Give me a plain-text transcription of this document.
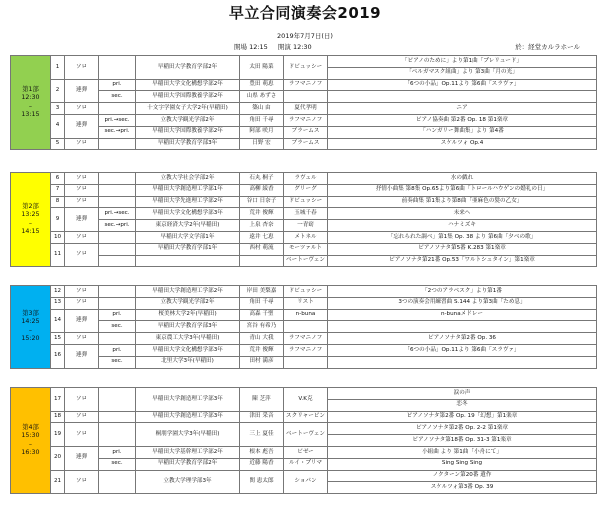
早立合同演奏会2019
2019年7月7日(日)
開場 12:15 開演 12:30	於：経堂カルラホール
第1部
12:30
–
13:15	1	ソロ		早稲田大学教育学部2年	太田 陽菜	ドビュッシー	「ピアノのために」より第1曲「プレリュード」
							「ベルガマスク組曲」より 第3曲「月の光」
	2	連弾	pri.	早稲田大学文化構想学部2年	豊田 萌恵	ラフマニノフ	「6つの小品」Op.11より 第6曲「スラヴァ」
			sec.	早稲田大学国際教養学部2年	山県 あずさ		
	3	ソロ		十文字学園女子大学2年(早稲田)	築山 由	夏代孝明	ニア
	4	連弾	pri.→sec.	立教大学観光学部2年	角田 千尋	ラフマニノフ	ピアノ協奏曲 第2番 Op. 18 第1楽章
			sec.→pri.	早稲田大学国際教養学部2年	阿部 咲月	ブラームス	「ハンガリー舞曲集」より 第4番
	5	ソロ		早稲田大学教育学部3年	日野 宏	ブラームス	スケルツォ Op.4
第2部
13:25
–
14:15	6	ソロ		立教大学社会学部2年	石丸 桐子	ラヴェル	水の戯れ
	7	ソロ		早稲田大学創造理工学部1年	高柳 綾香	グリーグ	抒情小曲集 第8集 Op.65より第6曲「トロールハウゲンの婚礼の日」
	8	ソロ		早稲田大学先進理工学部2年	谷口 日奈子	ドビュッシー	前奏曲集 第1集より第8曲「亜麻色の髪の乙女」
	9	連弾	pri.→sec.	早稲田大学文化構想学部3年	荒井 俊輝	玉城千春	未来へ
			sec.→pri.	東京経済大学2年(早稲田)	上泉 杏奈	一青窈	ハナミズキ
	10	ソロ		早稲田大学文学部1年	遠井 七恵	メトネル	「忘れられた調べ」第1集 Op. 38 より 第6曲「夕べの歌」
	11	ソロ		早稲田大学教育学部1年	西村 萌流	モーツァルト	ピアノソナタ第5番 K.283 第1楽章
						ベートーヴェン	ピアノソナタ第21番 Op.53「ワルトシュタイン」第1楽章
第3部
14:25
–
15:20	12	ソロ		早稲田大学創造理工学部2年	岸田 美梨嘉	ドビュッシー	「2つのアラベスク」より第1番
	13	ソロ		立教大学観光学部2年	角田 千尋	リスト	3つの演奏会用練習曲 S.144 より第3曲「ため息」
	14	連弾	pri.	桜美林大学2年(早稲田)	高森 千聖	n-buna	n-bunaメドレー
			sec.	早稲田大学教育学部3年	宮谷 有希乃		
	15	ソロ		東京農工大学3年(早稲田)	青山 大我	ラフマニノフ	ピアノソナタ第2番 Op. 36
	16	連弾	pri.	早稲田大学文化構想学部3年	荒井 俊輝	ラフマニノフ	「6つの小品」Op.11より 第6曲「スラヴァ」
			sec.	北里大学3年(早稲田)	田村 満彦		
第4部
15:30
–
16:30	17	ソロ		早稲田大学創造理工学部3年	陳 芝萍	V.K克	涙の声
							恋冬
	18	ソロ		早稲田大学創造理工学部3年	津田 采音	スクリャービン	ピアノソナタ第2番 Op. 19「幻想」第1楽章
	19	ソロ		桐朋学園大学3年(早稲田)	三上 夏佳	ベートーヴェン	ピアノソナタ第2番 Op. 2-2 第1楽章
							ピアノソナタ第18番 Op. 31-3 第1楽章
	20	連弾	pri.	早稲田大学基幹理工学部2年	根本 彪吾	ビゼー	小組曲 より 第1曲「小舟にて」
			sec.	早稲田大学教育学部2年	近藤 陽香	ルイ・プリマ	Sing Sing Sing
	21	ソロ		立教大学理学部3年	関 恵太郎	ショパン	ノクターン第20番 遺作
							スケルツォ第3番 Op. 39
